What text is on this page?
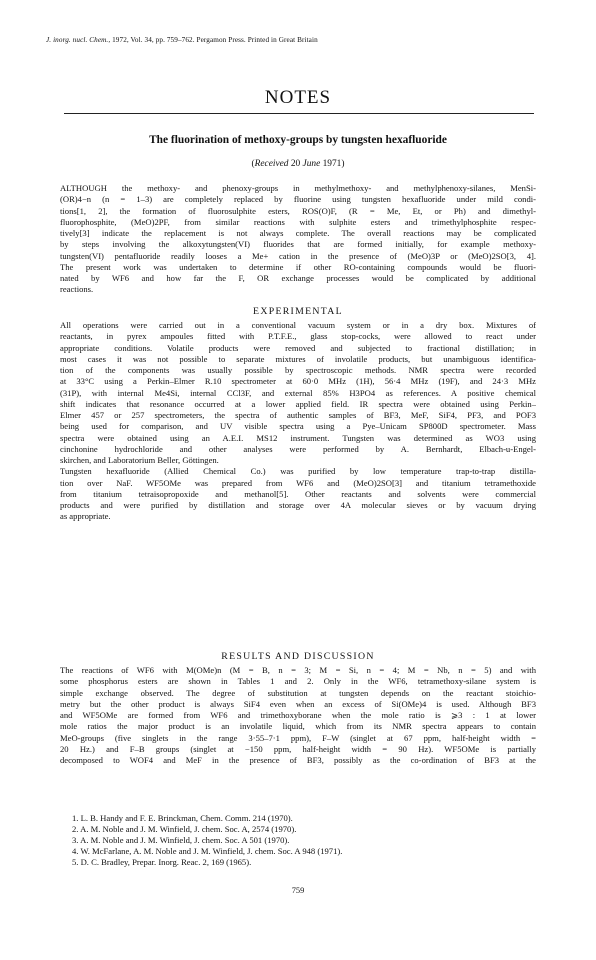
J. inorg. nucl. Chem., 1972, Vol. 34, pp. 759–762. Pergamon Press. Printed in Great Britain
NOTES
The fluorination of methoxy-groups by tungsten hexafluoride
(Received 20 June 1971)
ALTHOUGH the methoxy- and phenoxy-groups in methylmethoxy- and methylphenoxy-silanes, MenSi-
(OR)4−n (n = 1–3) are completely replaced by fluorine using tungsten hexafluoride under mild condi-
tions[1, 2], the formation of fluorosulphite esters, ROS(O)F, (R = Me, Et, or Ph) and dimethyl-
fluorophosphite, (MeO)2PF, from similar reactions with sulphite esters and trimethylphosphite respec-
tively[3] indicate the replacement is not always complete. The overall reactions may be complicated
by steps involving the alkoxytungsten(VI) fluorides that are formed initially, for example methoxy-
tungsten(VI) pentafluoride readily looses a Me+ cation in the presence of (MeO)3P or (MeO)2SO[3, 4].
The present work was undertaken to determine if other RO-containing compounds would be fluori-
nated by WF6 and how far the F, OR exchange processes would be complicated by additional
reactions.
EXPERIMENTAL
All operations were carried out in a conventional vacuum system or in a dry box. Mixtures of
reactants, in pyrex ampoules fitted with P.T.F.E., glass stop-cocks, were allowed to react under
appropriate conditions. Volatile products were removed and subjected to fractional distillation; in
most cases it was not possible to separate mixtures of involatile products, but unambiguous identifica-
tion of the components was usually possible by spectroscopic methods. NMR spectra were recorded
at 33°C using a Perkin–Elmer R.10 spectrometer at 60·0 MHz (1H), 56·4 MHz (19F), and 24·3 MHz
(31P), with internal Me4Si, internal CCl3F, and external 85% H3PO4 as references. A positive chemical
shift indicates that resonance occurred at a lower applied field. IR spectra were obtained using Perkin–
Elmer 457 or 257 spectrometers, the spectra of authentic samples of BF3, MeF, SiF4, PF3, and POF3
being used for comparison, and UV visible spectra using a Pye–Unicam SP800D spectrometer. Mass
spectra were obtained using an A.E.I. MS12 instrument. Tungsten was determined as WO3 using
cinchonine hydrochloride and other analyses were performed by A. Bernhardt, Elbach-u-Engel-
skirchen, and Laboratorium Beller, Göttingen.
Tungsten hexafluoride (Allied Chemical Co.) was purified by low temperature trap-to-trap distilla-
tion over NaF. WF5OMe was prepared from WF6 and (MeO)2SO[3] and titanium tetramethoxide
from titanium tetraisopropoxide and methanol[5]. Other reactants and solvents were commercial
products and were purified by distillation and storage over 4A molecular sieves or by vacuum drying
as appropriate.
RESULTS AND DISCUSSION
The reactions of WF6 with M(OMe)n (M = B, n = 3; M = Si, n = 4; M = Nb, n = 5) and with
some phosphorus esters are shown in Tables 1 and 2. Only in the WF6, tetramethoxy-silane system is
simple exchange observed. The degree of substitution at tungsten depends on the reactant stoichio-
metry but the other product is always SiF4 even when an excess of Si(OMe)4 is used. Although BF3
and WF5OMe are formed from WF6 and trimethoxyborane when the mole ratio is ⩾3 : 1 at lower
mole ratios the major product is an involatile liquid, which from its NMR spectra appears to contain
MeO-groups (five singlets in the range 3·55–7·1 ppm), F–W (singlet at 67 ppm, half-height width =
20 Hz.) and F–B groups (singlet at −150 ppm, half-height width = 90 Hz). WF5OMe is partially
decomposed to WOF4 and MeF in the presence of BF3, possibly as the co-ordination of BF3 at the
1. L. B. Handy and F. E. Brinckman, Chem. Comm. 214 (1970).
2. A. M. Noble and J. M. Winfield, J. chem. Soc. A, 2574 (1970).
3. A. M. Noble and J. M. Winfield, J. chem. Soc. A 501 (1970).
4. W. McFarlane, A. M. Noble and J. M. Winfield, J. chem. Soc. A 948 (1971).
5. D. C. Bradley, Prepar. Inorg. Reac. 2, 169 (1965).
759
